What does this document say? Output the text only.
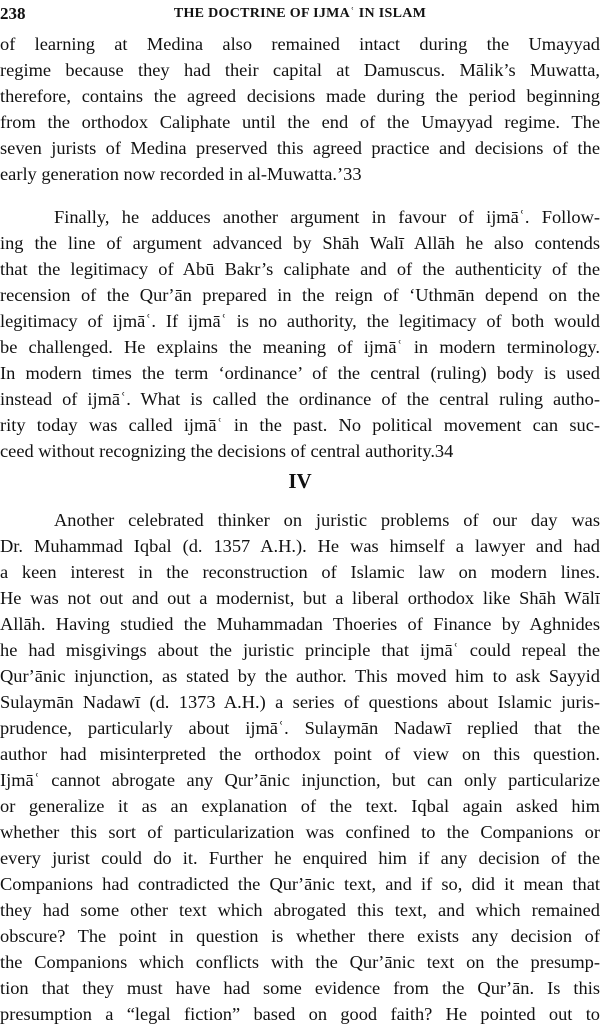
238	THE DOCTRINE OF IJMAʿ IN ISLAM
of learning at Medina also remained intact during the Umayyad
regime because they had their capital at Damuscus. Mālik’s Muwatta,
therefore, contains the agreed decisions made during the period beginning
from the orthodox Caliphate until the end of the Umayyad regime. The
seven jurists of Medina preserved this agreed practice and decisions of the
early generation now recorded in al-Muwatta.’33
Finally, he adduces another argument in favour of ijmāʿ. Follow-
ing the line of argument advanced by Shāh Walī Allāh he also contends
that the legitimacy of Abū Bakr’s caliphate and of the authenticity of the
recension of the Qurʼān prepared in the reign of ‘Uthmān depend on the
legitimacy of ijmāʿ. If ijmāʿ is no authority, the legitimacy of both would
be challenged. He explains the meaning of ijmāʿ in modern terminology.
In modern times the term ‘ordinance’ of the central (ruling) body is used
instead of ijmāʿ. What is called the ordinance of the central ruling autho-
rity today was called ijmāʿ in the past. No political movement can suc-
ceed without recognizing the decisions of central authority.34
IV
Another celebrated thinker on juristic problems of our day was
Dr. Muhammad Iqbal (d. 1357 A.H.). He was himself a lawyer and had
a keen interest in the reconstruction of Islamic law on modern lines.
He was not out and out a modernist, but a liberal orthodox like Shāh Wālī
Allāh. Having studied the Muhammadan Thoeries of Finance by Aghnides
he had misgivings about the juristic principle that ijmāʿ could repeal the
Qurʼānic injunction, as stated by the author. This moved him to ask Sayyid
Sulaymān Nadawī (d. 1373 A.H.) a series of questions about Islamic juris-
prudence, particularly about ijmāʿ. Sulaymān Nadawī replied that the
author had misinterpreted the orthodox point of view on this question.
Ijmāʿ cannot abrogate any Qurʼānic injunction, but can only particularize
or generalize it as an explanation of the text. Iqbal again asked him
whether this sort of particularization was confined to the Companions or
every jurist could do it. Further he enquired him if any decision of the
Companions had contradicted the Qurʼānic text, and if so, did it mean that
they had some other text which abrogated this text, and which remained
obscure? The point in question is whether there exists any decision of
the Companions which conflicts with the Qurʼānic text on the presump-
tion that they must have had some evidence from the Qurʼān. Is this
presumption a “legal fiction” based on good faith? He pointed out to
